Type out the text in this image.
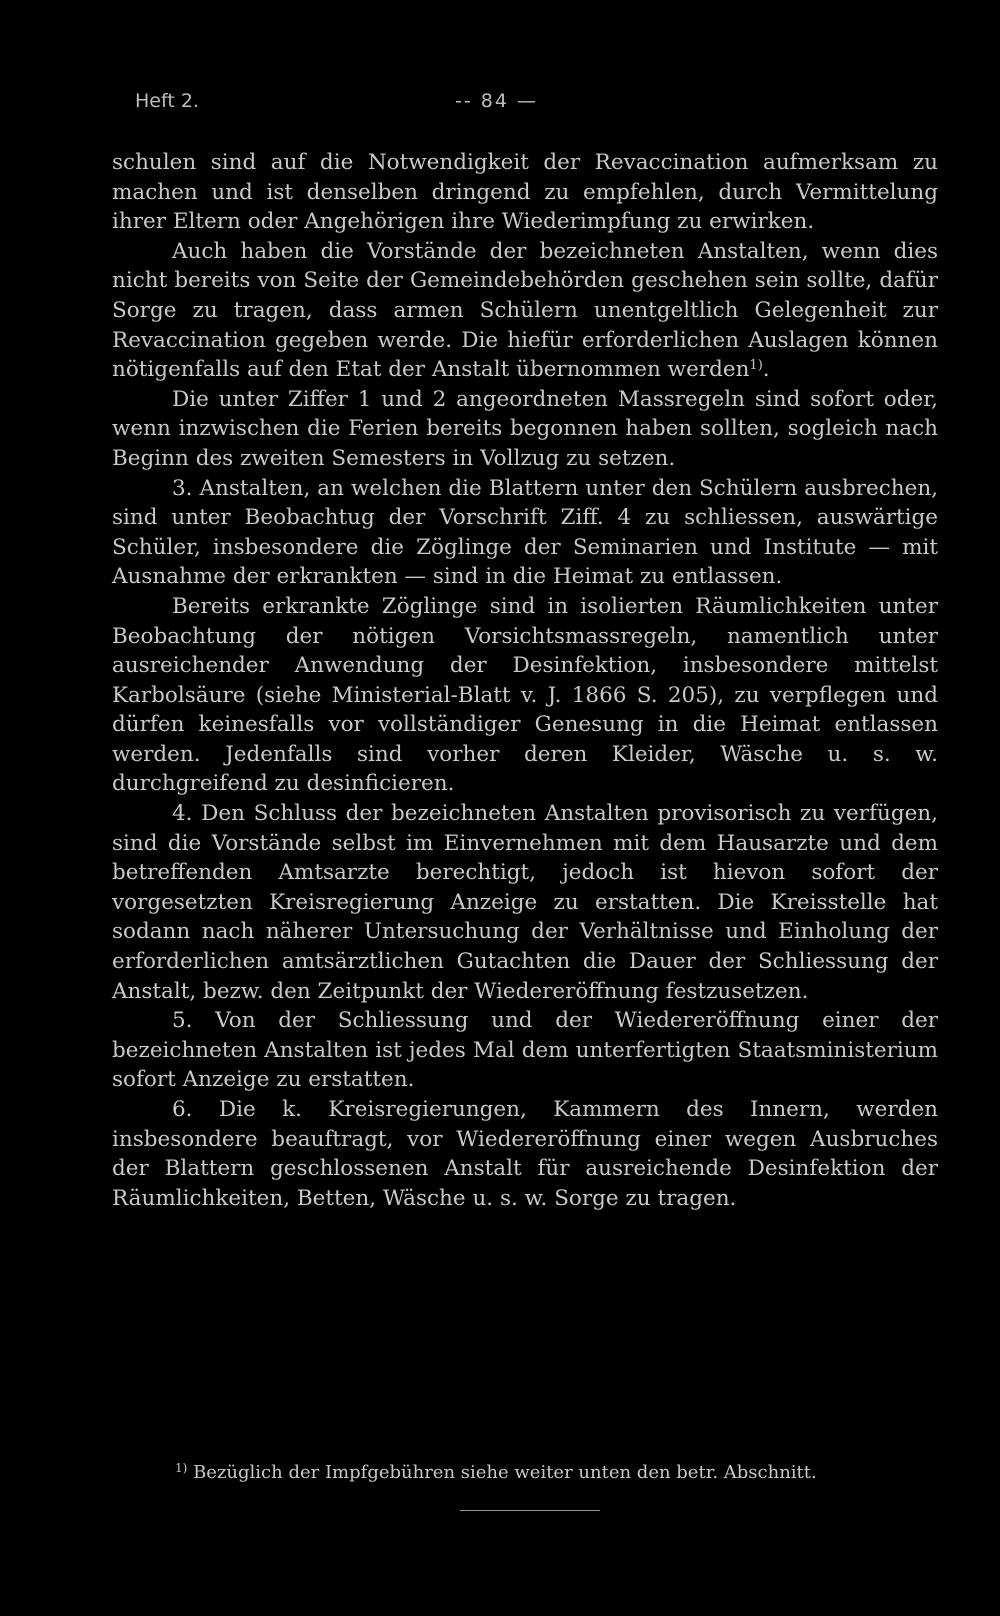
Heft 2.	-- 84 —

schulen sind auf die Notwendigkeit der Revaccination aufmerksam zu machen und ist denselben dringend zu empfehlen, durch Vermittelung ihrer Eltern oder Angehörigen ihre Wiederimpfung zu erwirken.

Auch haben die Vorstände der bezeichneten Anstalten, wenn dies nicht bereits von Seite der Gemeindebehörden geschehen sein sollte, dafür Sorge zu tragen, dass armen Schülern unentgeltlich Gelegenheit zur Revaccination gegeben werde. Die hiefür erforderlichen Auslagen können nötigenfalls auf den Etat der Anstalt übernommen werden$^{1)}$.

Die unter Ziffer 1 und 2 angeordneten Massregeln sind sofort oder, wenn inzwischen die Ferien bereits begonnen haben sollten, sogleich nach Beginn des zweiten Semesters in Vollzug zu setzen.

3. Anstalten, an welchen die Blattern unter den Schülern ausbrechen, sind unter Beobachtug der Vorschrift Ziff. 4 zu schliessen, auswärtige Schüler, insbesondere die Zöglinge der Seminarien und Institute — mit Ausnahme der erkrankten — sind in die Heimat zu entlassen.

Bereits erkrankte Zöglinge sind in isolierten Räumlichkeiten unter Beobachtung der nötigen Vorsichtsmassregeln, namentlich unter ausreichender Anwendung der Desinfektion, insbesondere mittelst Karbolsäure (siehe Ministerial-Blatt v. J. 1866 S. 205), zu verpflegen und dürfen keinesfalls vor vollständiger Genesung in die Heimat entlassen werden. Jedenfalls sind vorher deren Kleider, Wäsche u. s. w. durchgreifend zu desinficieren.

4. Den Schluss der bezeichneten Anstalten provisorisch zu verfügen, sind die Vorstände selbst im Einvernehmen mit dem Hausarzte und dem betreffenden Amtsarzte berechtigt, jedoch ist hievon sofort der vorgesetzten Kreisregierung Anzeige zu erstatten. Die Kreisstelle hat sodann nach näherer Untersuchung der Verhältnisse und Einholung der erforderlichen amtsärztlichen Gutachten die Dauer der Schliessung der Anstalt, bezw. den Zeitpunkt der Wiedereröffnung festzusetzen.

5. Von der Schliessung und der Wiedereröffnung einer der bezeichneten Anstalten ist jedes Mal dem unterfertigten Staatsministerium sofort Anzeige zu erstatten.

6. Die k. Kreisregierungen, Kammern des Innern, werden insbesondere beauftragt, vor Wiedereröffnung einer wegen Ausbruches der Blattern geschlossenen Anstalt für ausreichende Desinfektion der Räumlichkeiten, Betten, Wäsche u. s. w. Sorge zu tragen.

$^{1)}$ Bezüglich der Impfgebühren siehe weiter unten den betr. Abschnitt.
